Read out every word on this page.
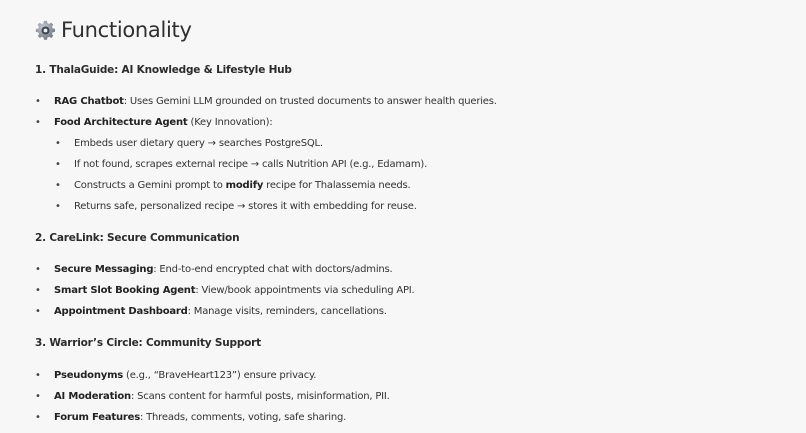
Functionality
1. ThalaGuide: AI Knowledge & Lifestyle Hub
• RAG Chatbot: Uses Gemini LLM grounded on trusted documents to answer health queries.
• Food Architecture Agent (Key Innovation):
• Embeds user dietary query → searches PostgreSQL.
• If not found, scrapes external recipe → calls Nutrition API (e.g., Edamam).
• Constructs a Gemini prompt to modify recipe for Thalassemia needs.
• Returns safe, personalized recipe → stores it with embedding for reuse.
2. CareLink: Secure Communication
• Secure Messaging: End-to-end encrypted chat with doctors/admins.
• Smart Slot Booking Agent: View/book appointments via scheduling API.
• Appointment Dashboard: Manage visits, reminders, cancellations.
3. Warrior’s Circle: Community Support
• Pseudonyms (e.g., “BraveHeart123”) ensure privacy.
• AI Moderation: Scans content for harmful posts, misinformation, PII.
• Forum Features: Threads, comments, voting, safe sharing.
